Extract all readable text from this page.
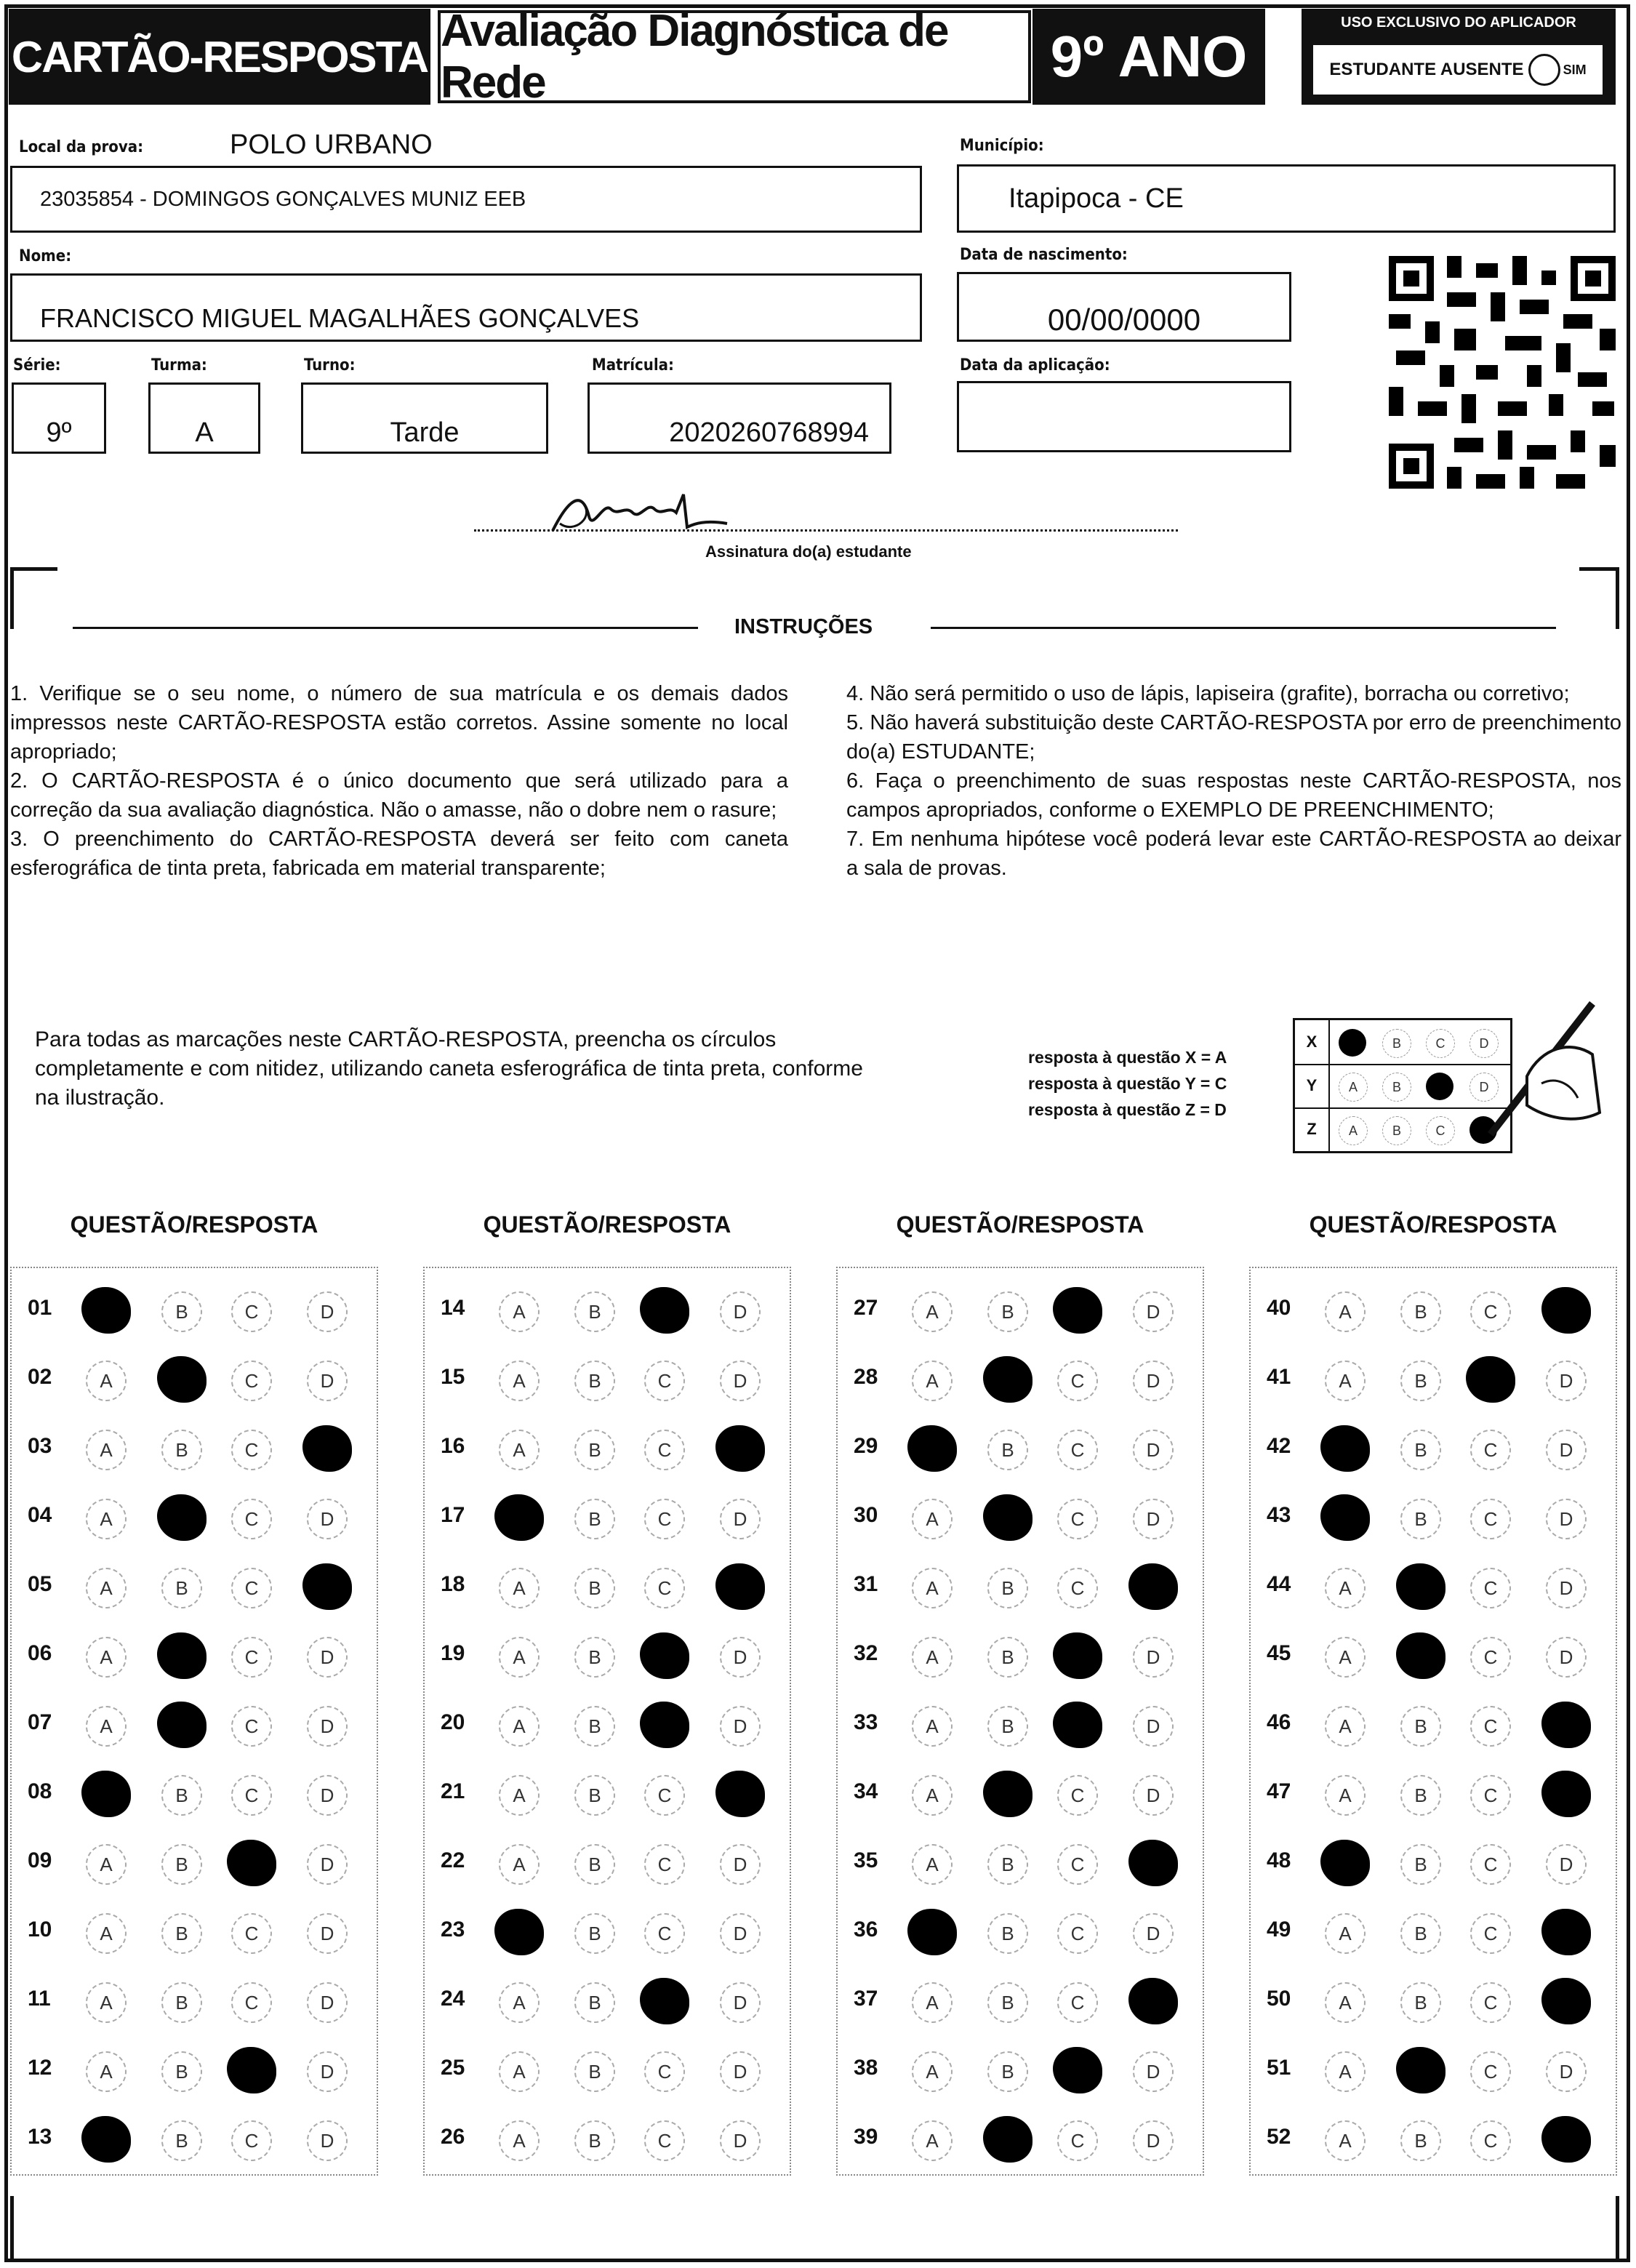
CARTÃO-RESPOSTA
Avaliação Diagnóstica de Rede	9º ANO
USO EXCLUSIVO DO APLICADOR
ESTUDANTE AUSENTE	SIM
Local da prova:	POLO URBANO
23035854 - DOMINGOS GONÇALVES MUNIZ EEB
Município:
Itapipoca - CE
Nome:
FRANCISCO MIGUEL MAGALHÃES GONÇALVES
Data de nascimento:
00/00/0000
Série:
9º
Turma:
A
Turno:
Tarde
Matrícula:
2020260768994
Data da aplicação:
Assinatura do(a) estudante
INSTRUÇÕES
1. Verifique se o seu nome, o número de sua matrícula e os demais dados impressos neste CARTÃO-RESPOSTA estão corretos. Assine somente no local apropriado;
2. O CARTÃO-RESPOSTA é o único documento que será utilizado para a correção da sua avaliação diagnóstica. Não o amasse, não o dobre nem o rasure;
3. O preenchimento do CARTÃO-RESPOSTA deverá ser feito com caneta esferográfica de tinta preta, fabricada em material transparente;
4. Não será permitido o uso de lápis, lapiseira (grafite), borracha ou corretivo;
5. Não haverá substituição deste CARTÃO-RESPOSTA por erro de preenchimento do(a) ESTUDANTE;
6. Faça o preenchimento de suas respostas neste CARTÃO-RESPOSTA, nos campos apropriados, conforme o EXEMPLO DE PREENCHIMENTO;
7. Em nenhuma hipótese você poderá levar este CARTÃO-RESPOSTA ao deixar a sala de provas.
Para todas as marcações neste CARTÃO-RESPOSTA, preencha os círculos completamente e com nitidez, utilizando caneta esferográfica de tinta preta, conforme na ilustração.
resposta à questão X = A
resposta à questão Y = C
resposta à questão Z = D
X	B	C	D
Y	A	B	D
Z	A	B	C
QUESTÃO/RESPOSTA
01	B	C	D
02	A	C	D
03	A	B	C
04	A	C	D
05	A	B	C
06	A	C	D
07	A	C	D
08	B	C	D
09	A	B	D
10	A	B	C	D
11	A	B	C	D
12	A	B	D
13	B	C	D
QUESTÃO/RESPOSTA
14	A	B	D
15	A	B	C	D
16	A	B	C
17	B	C	D
18	A	B	C
19	A	B	D
20	A	B	D
21	A	B	C
22	A	B	C	D
23	B	C	D
24	A	B	D
25	A	B	C	D
26	A	B	C	D
QUESTÃO/RESPOSTA
27	A	B	D
28	A	C	D
29	B	C	D
30	A	C	D
31	A	B	C
32	A	B	D
33	A	B	D
34	A	C	D
35	A	B	C
36	B	C	D
37	A	B	C
38	A	B	D
39	A	C	D
QUESTÃO/RESPOSTA
40	A	B	C
41	A	B	D
42	B	C	D
43	B	C	D
44	A	C	D
45	A	C	D
46	A	B	C
47	A	B	C
48	B	C	D
49	A	B	C
50	A	B	C
51	A	C	D
52	A	B	C
